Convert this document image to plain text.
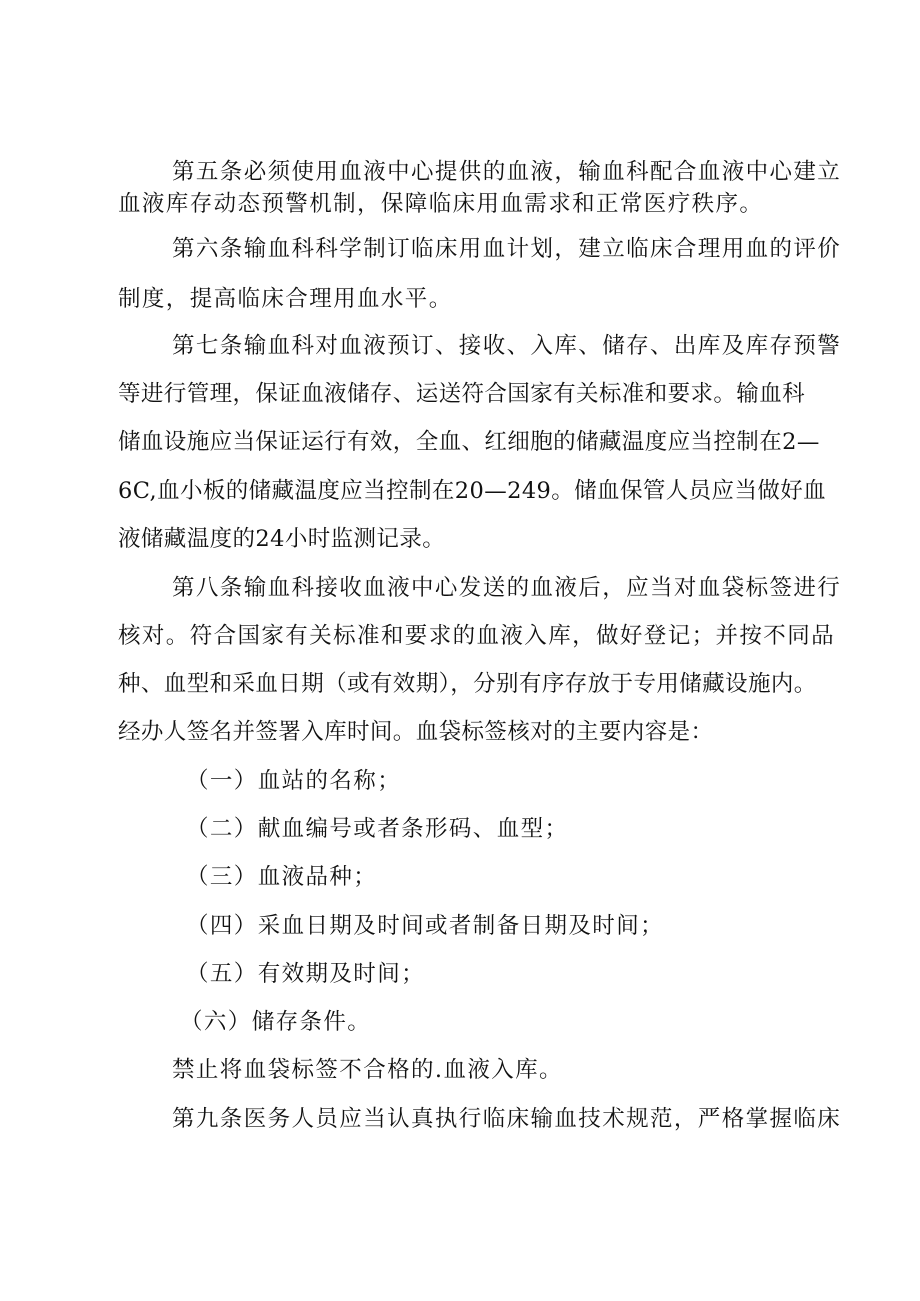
第五条必须使用血液中心提供的血液，输血科配合血液中心建立
血液库存动态预警机制，保障临床用血需求和正常医疗秩序。
第六条输血科科学制订临床用血计划，建立临床合理用血的评价
制度，提高临床合理用血水平。
第七条输血科对血液预订、接收、入库、储存、出库及库存预警
等进行管理，保证血液储存、运送符合国家有关标准和要求。输血科
储血设施应当保证运行有效，全血、红细胞的储藏温度应当控制在2—
6C,血小板的储藏温度应当控制在20—249。储血保管人员应当做好血
液储藏温度的24小时监测记录。
第八条输血科接收血液中心发送的血液后，应当对血袋标签进行
核对。符合国家有关标准和要求的血液入库，做好登记；并按不同品
种、血型和采血日期（或有效期），分别有序存放于专用储藏设施内。
经办人签名并签署入库时间。血袋标签核对的主要内容是：
（一）血站的名称；
（二）献血编号或者条形码、血型；
（三）血液品种；
（四）采血日期及时间或者制备日期及时间；
（五）有效期及时间；
（六）储存条件。
禁止将血袋标签不合格的.血液入库。
第九条医务人员应当认真执行临床输血技术规范，严格掌握临床
